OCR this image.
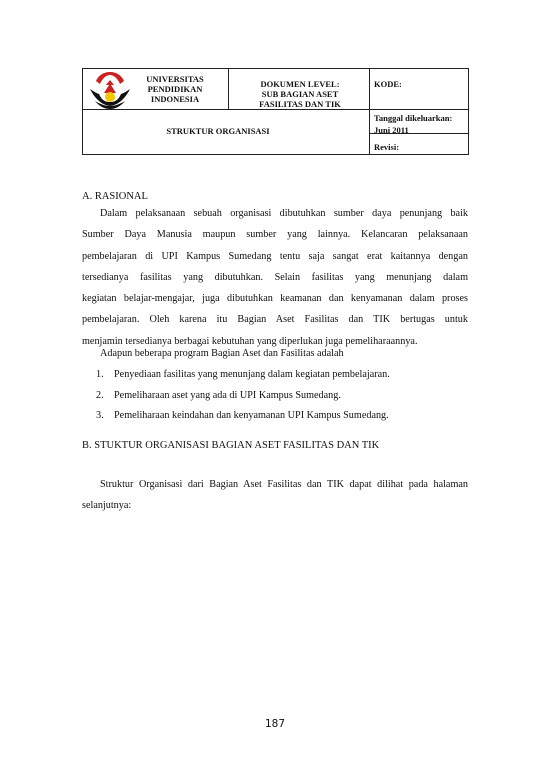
UNIVERSITAS
PENDIDIKAN
INDONESIA
DOKUMEN LEVEL:
SUB BAGIAN ASET
FASILITAS DAN TIK
KODE:
STRUKTUR ORGANISASI
Tanggal dikeluarkan:
Juni 2011
Revisi:
A. RASIONAL
Dalam pelaksanaan sebuah organisasi dibutuhkan sumber daya penunjang baik
Sumber Daya Manusia maupun sumber yang lainnya. Kelancaran pelaksanaan
pembelajaran di UPI Kampus Sumedang tentu saja sangat erat kaitannya dengan
tersedianya fasilitas yang dibutuhkan. Selain fasilitas yang menunjang dalam
kegiatan belajar-mengajar, juga dibutuhkan keamanan dan kenyamanan dalam proses
pembelajaran. Oleh karena itu Bagian Aset Fasilitas dan TIK bertugas untuk
menjamin tersedianya berbagai kebutuhan yang diperlukan juga pemeliharaannya.
Adapun beberapa program Bagian Aset dan Fasilitas adalah
1. Penyediaan fasilitas yang menunjang dalam kegiatan pembelajaran.
2. Pemeliharaan aset yang ada di UPI Kampus Sumedang.
3. Pemeliharaan keindahan dan kenyamanan UPI Kampus Sumedang.
B. STUKTUR ORGANISASI BAGIAN ASET FASILITAS DAN TIK
Struktur Organisasi dari Bagian Aset Fasilitas dan TIK dapat dilihat pada halaman
selanjutnya:
187
